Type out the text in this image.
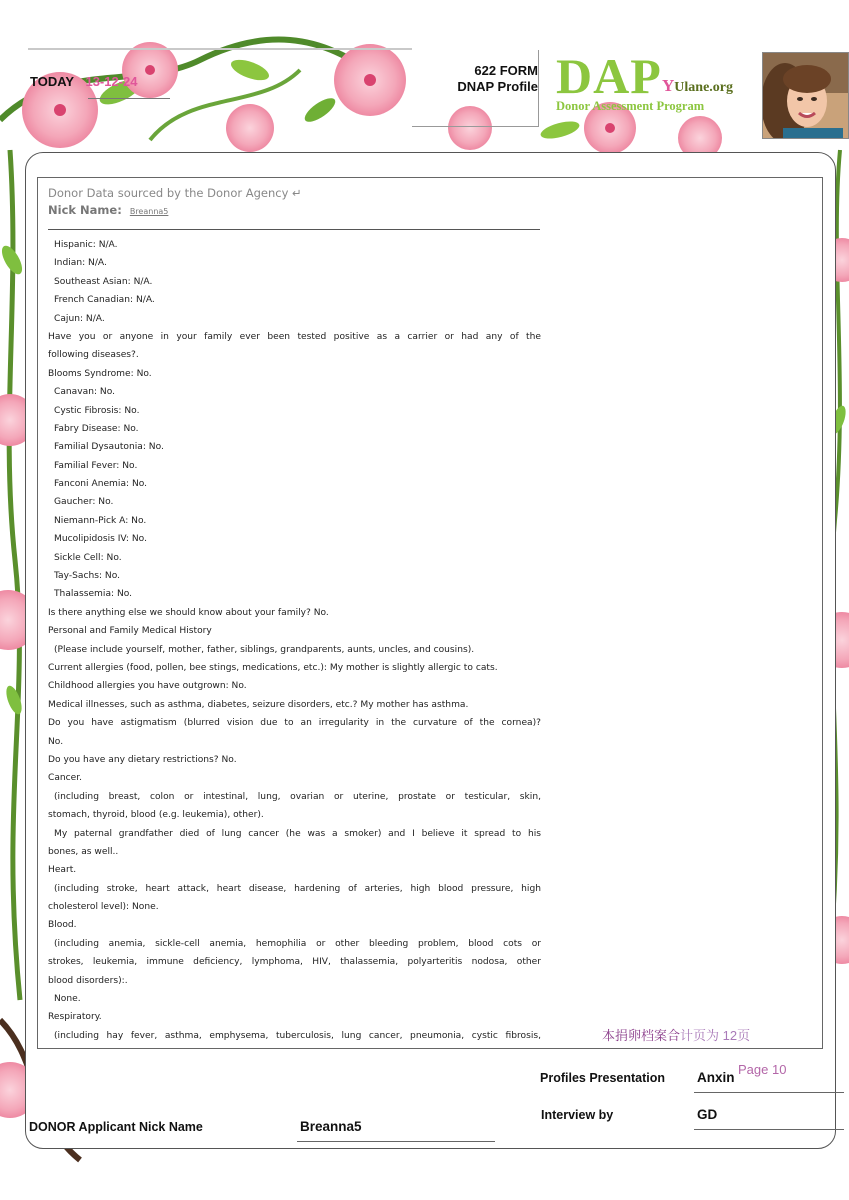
TODAY 13-12-24
622 FORM
DNAP Profile DAP YUlane.org
Donor Assessment Program
Donor Data sourced by the Donor Agency ↵
Nick Name: Breanna5
Hispanic: N/A.
Indian: N/A.
Southeast Asian: N/A.
French Canadian: N/A.
Cajun: N/A.
Have you or anyone in your family ever been tested positive as a carrier or had any of the
following diseases?.
Blooms Syndrome: No.
Canavan: No.
Cystic Fibrosis: No.
Fabry Disease: No.
Familial Dysautonia: No.
Familial Fever: No.
Fanconi Anemia: No.
Gaucher: No.
Niemann-Pick A: No.
Mucolipidosis IV: No.
Sickle Cell: No.
Tay-Sachs: No.
Thalassemia: No.
Is there anything else we should know about your family? No.
Personal and Family Medical History
(Please include yourself, mother, father, siblings, grandparents, aunts, uncles, and cousins).
Current allergies (food, pollen, bee stings, medications, etc.): My mother is slightly allergic to cats.
Childhood allergies you have outgrown: No.
Medical illnesses, such as asthma, diabetes, seizure disorders, etc.? My mother has asthma.
Do you have astigmatism (blurred vision due to an irregularity in the curvature of the cornea)?
No.
Do you have any dietary restrictions? No.
Cancer.
(including breast, colon or intestinal, lung, ovarian or uterine, prostate or testicular, skin,
stomach, thyroid, blood (e.g. leukemia), other).
My paternal grandfather died of lung cancer (he was a smoker) and I believe it spread to his
bones, as well..
Heart.
(including stroke, heart attack, heart disease, hardening of arteries, high blood pressure, high
cholesterol level): None.
Blood.
(including anemia, sickle-cell anemia, hemophilia or other bleeding problem, blood cots or
strokes, leukemia, immune deficiency, lymphoma, HIV, thalassemia, polyarteritis nodosa, other
blood disorders):.
None.
Respiratory.
(including hay fever, asthma, emphysema, tuberculosis, lung cancer, pneumonia, cystic fibrosis,	本捐卵档案合计页为 12页
Profiles Presentation Anxin
Page 10
Interview by	GD
DONOR Applicant Nick Name	Breanna5
